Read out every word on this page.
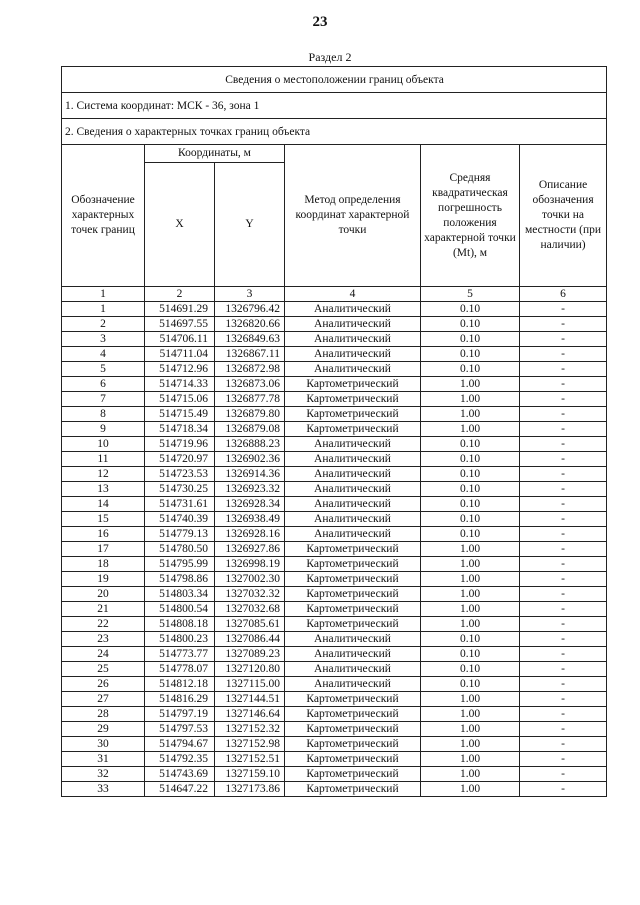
23
Раздел 2
Сведения о местоположении границ объекта					
1. Система координат: МСК - 36, зона 1					
2. Сведения о характерных точках границ объекта					
Обозначение характерных точек границ	Координаты, м		Метод определения координат характерной точки	Средняя квадратическая погрешность положения характерной точки (Mt), м	Описание обозначения точки на местности (при наличии)
	X	Y			
1	2	3	4	5	6
1	514691.29	1326796.42	Аналитический	0.10	-
2	514697.55	1326820.66	Аналитический	0.10	-
3	514706.11	1326849.63	Аналитический	0.10	-
4	514711.04	1326867.11	Аналитический	0.10	-
5	514712.96	1326872.98	Аналитический	0.10	-
6	514714.33	1326873.06	Картометрический	1.00	-
7	514715.06	1326877.78	Картометрический	1.00	-
8	514715.49	1326879.80	Картометрический	1.00	-
9	514718.34	1326879.08	Картометрический	1.00	-
10	514719.96	1326888.23	Аналитический	0.10	-
11	514720.97	1326902.36	Аналитический	0.10	-
12	514723.53	1326914.36	Аналитический	0.10	-
13	514730.25	1326923.32	Аналитический	0.10	-
14	514731.61	1326928.34	Аналитический	0.10	-
15	514740.39	1326938.49	Аналитический	0.10	-
16	514779.13	1326928.16	Аналитический	0.10	-
17	514780.50	1326927.86	Картометрический	1.00	-
18	514795.99	1326998.19	Картометрический	1.00	-
19	514798.86	1327002.30	Картометрический	1.00	-
20	514803.34	1327032.32	Картометрический	1.00	-
21	514800.54	1327032.68	Картометрический	1.00	-
22	514808.18	1327085.61	Картометрический	1.00	-
23	514800.23	1327086.44	Аналитический	0.10	-
24	514773.77	1327089.23	Аналитический	0.10	-
25	514778.07	1327120.80	Аналитический	0.10	-
26	514812.18	1327115.00	Аналитический	0.10	-
27	514816.29	1327144.51	Картометрический	1.00	-
28	514797.19	1327146.64	Картометрический	1.00	-
29	514797.53	1327152.32	Картометрический	1.00	-
30	514794.67	1327152.98	Картометрический	1.00	-
31	514792.35	1327152.51	Картометрический	1.00	-
32	514743.69	1327159.10	Картометрический	1.00	-
33	514647.22	1327173.86	Картометрический	1.00	-
